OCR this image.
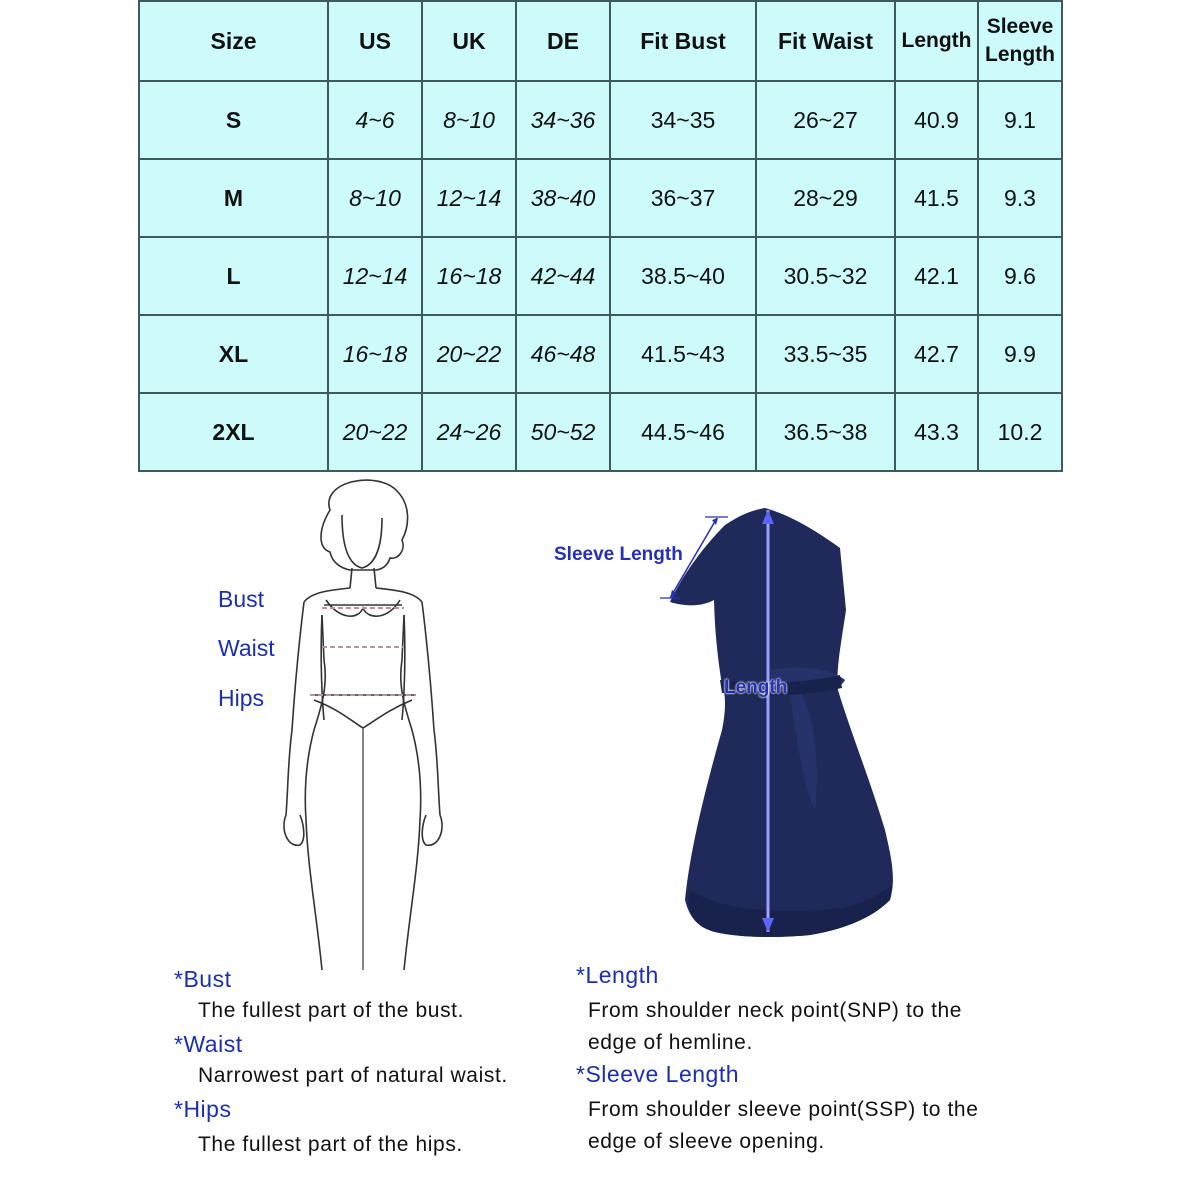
Size	US	UK	DE	Fit Bust	Fit Waist	Length	Sleeve
Length
S	4~6	8~10	34~36	34~35	26~27	40.9	9.1
M	8~10	12~14	38~40	36~37	28~29	41.5	9.3
L	12~14	16~18	42~44	38.5~40	30.5~32	42.1	9.6
XL	16~18	20~22	46~48	41.5~43	33.5~35	42.7	9.9
2XL	20~22	24~26	50~52	44.5~46	36.5~38	43.3	10.2
Bust
Waist
Hips
Sleeve Length
Length
*Bust
The fullest part of the bust.
*Waist
Narrowest part of natural waist.
*Hips
The fullest part of the hips.
*Length
From shoulder neck point(SNP) to the
edge of hemline.
*Sleeve Length
From shoulder sleeve point(SSP) to the
edge of sleeve opening.
